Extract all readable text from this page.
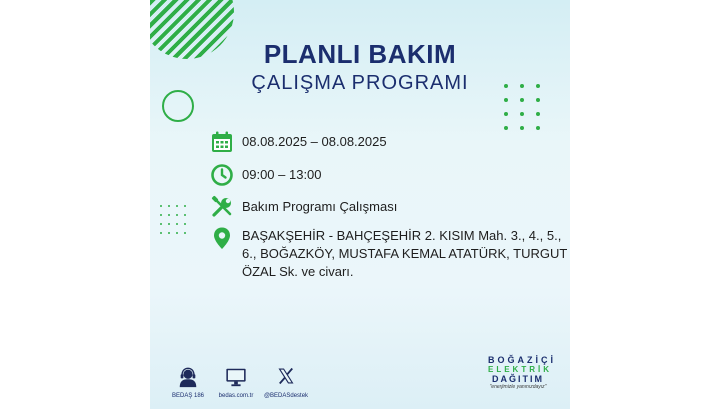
PLANLI BAKIM
ÇALIŞMA PROGRAMI
08.08.2025 – 08.08.2025
09:00 – 13:00
Bakım Programı Çalışması
BAŞAKŞEHİR - BAHÇEŞEHİR 2. KISIM Mah. 3., 4., 5., 6., BOĞAZKÖY, MUSTAFA KEMAL ATATÜRK, TURGUT ÖZAL Sk. ve civarı.
BEDAŞ 186	bedas.com.tr	@BEDASdestek
BOĞAZİÇİ
ELEKTRİK
DAĞITIM
"enerjimizle yanınızdayız"
